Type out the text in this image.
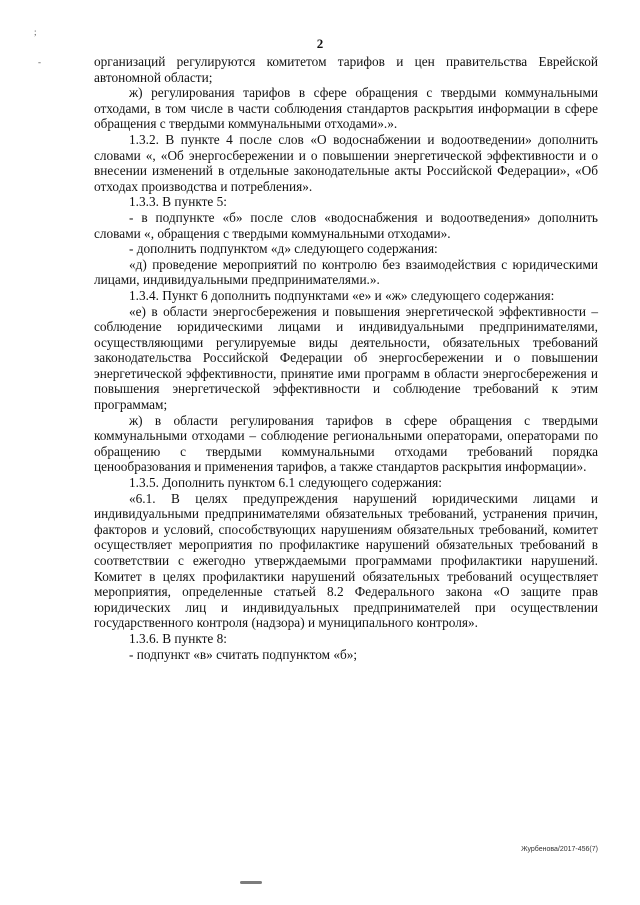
2
;
-	организаций регулируются комитетом тарифов и цен правительства Еврейской автономной области;

ж) регулирования тарифов в сфере обращения с твердыми коммунальными отходами, в том числе в части соблюдения стандартов раскрытия информации в сфере обращения с твердыми коммунальными отходами».».

1.3.2. В пункте 4 после слов «О водоснабжении и водоотведении» дополнить словами «, «Об энергосбережении и о повышении энергетической эффективности и о внесении изменений в отдельные законодательные акты Российской Федерации», «Об отходах производства и потребления».

1.3.3. В пункте 5:

- в подпункте «б» после слов «водоснабжения и водоотведения» дополнить словами «, обращения с твердыми коммунальными отходами».

- дополнить подпунктом «д» следующего содержания:

«д) проведение мероприятий по контролю без взаимодействия с юридическими лицами, индивидуальными предпринимателями.».

1.3.4. Пункт 6 дополнить подпунктами «е» и «ж» следующего содержания:

«е) в области энергосбережения и повышения энергетической эффективности – соблюдение юридическими лицами и индивидуальными предпринимателями, осуществляющими регулируемые виды деятельности, обязательных требований законодательства Российской Федерации об энергосбережении и о повышении энергетической эффективности, принятие ими программ в области энергосбережения и повышения энергетической эффективности и соблюдение требований к этим программам;

ж) в области регулирования тарифов в сфере обращения с твердыми коммунальными отходами – соблюдение региональными операторами, операторами по обращению с твердыми коммунальными отходами требований порядка ценообразования и применения тарифов, а также стандартов раскрытия информации».

1.3.5. Дополнить пунктом 6.1 следующего содержания:

«6.1. В целях предупреждения нарушений юридическими лицами и индивидуальными предпринимателями обязательных требований, устранения причин, факторов и условий, способствующих нарушениям обязательных требований, комитет осуществляет мероприятия по профилактике нарушений обязательных требований в соответствии с ежегодно утверждаемыми программами профилактики нарушений. Комитет в целях профилактики нарушений обязательных требований осуществляет мероприятия, определенные статьей 8.2 Федерального закона «О защите прав юридических лиц и индивидуальных предпринимателей при осуществлении государственного контроля (надзора) и муниципального контроля».

1.3.6. В пункте 8:

- подпункт «в» считать подпунктом «б»;

Журбенова/2017-456(7)
